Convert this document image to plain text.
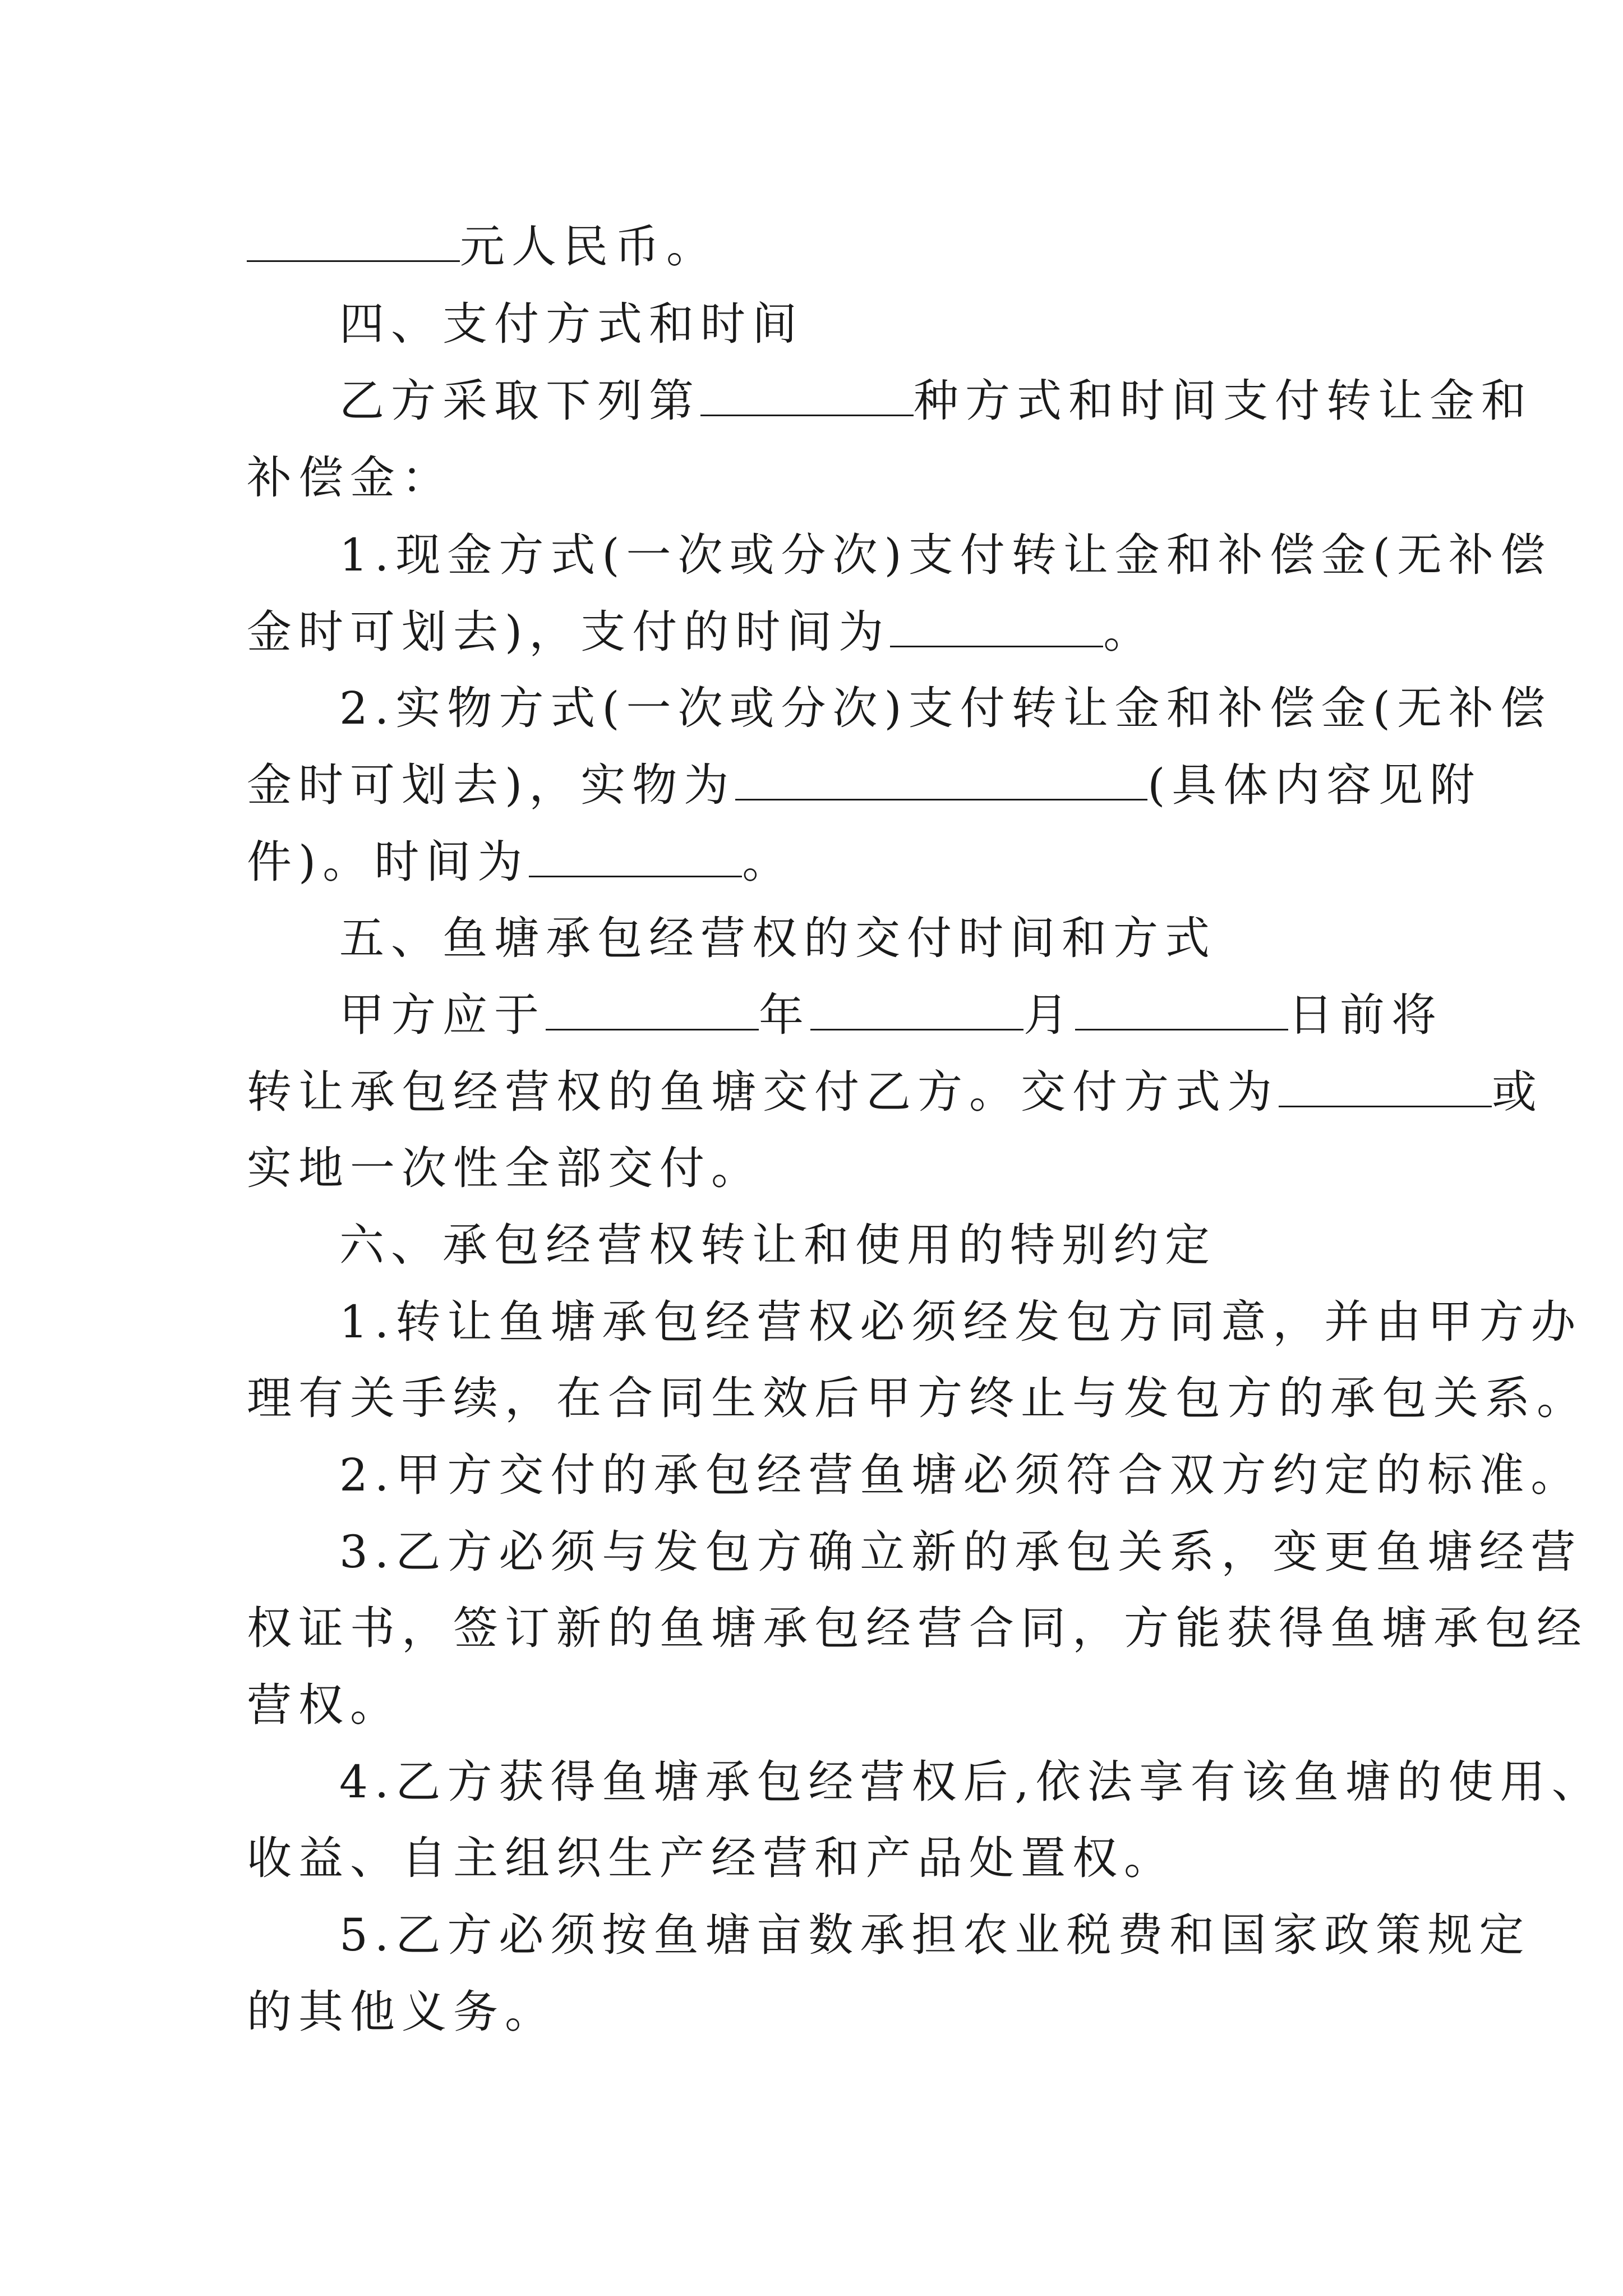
元人民币。
四、支付方式和时间
乙方采取下列第	种方式和时间支付转让金和
补偿金：
1.现金方式(一次或分次)支付转让金和补偿金(无补偿
金时可划去)，支付的时间为	。
2.实物方式(一次或分次)支付转让金和补偿金(无补偿
金时可划去)，实物为	(具体内容见附
件)。时间为	。
五、鱼塘承包经营权的交付时间和方式
甲方应于	年	月	日前将
转让承包经营权的鱼塘交付乙方。交付方式为	或
实地一次性全部交付。
六、承包经营权转让和使用的特别约定
1.转让鱼塘承包经营权必须经发包方同意，并由甲方办
理有关手续，在合同生效后甲方终止与发包方的承包关系。
2.甲方交付的承包经营鱼塘必须符合双方约定的标准。
3.乙方必须与发包方确立新的承包关系，变更鱼塘经营
权证书，签订新的鱼塘承包经营合同，方能获得鱼塘承包经
营权。
4.乙方获得鱼塘承包经营权后,依法享有该鱼塘的使用、
收益、自主组织生产经营和产品处置权。
5.乙方必须按鱼塘亩数承担农业税费和国家政策规定
的其他义务。
